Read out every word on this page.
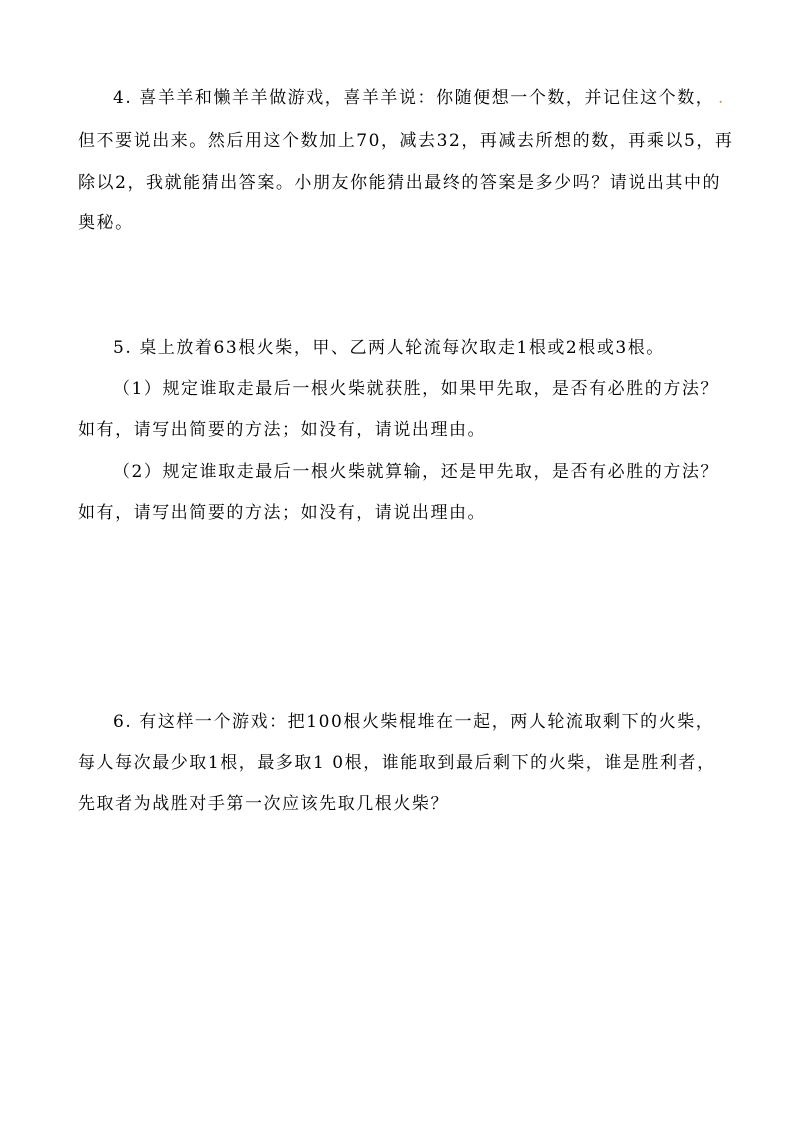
4. 喜羊羊和懒羊羊做游戏，喜羊羊说：你随便想一个数，并记住这个数， .
但不要说出来。然后用这个数加上70，减去32，再减去所想的数，再乘以5，再
除以2，我就能猜出答案。小朋友你能猜出最终的答案是多少吗？请说出其中的
奥秘。
5. 桌上放着63根火柴，甲、乙两人轮流每次取走1根或2根或3根。
（1）规定谁取走最后一根火柴就获胜，如果甲先取，是否有必胜的方法？
如有，请写出简要的方法；如没有，请说出理由。
（2）规定谁取走最后一根火柴就算输，还是甲先取，是否有必胜的方法？
如有，请写出简要的方法；如没有，请说出理由。
6. 有这样一个游戏：把100根火柴棍堆在一起，两人轮流取剩下的火柴，
每人每次最少取1根，最多取1 0根，谁能取到最后剩下的火柴，谁是胜利者，
先取者为战胜对手第一次应该先取几根火柴？
